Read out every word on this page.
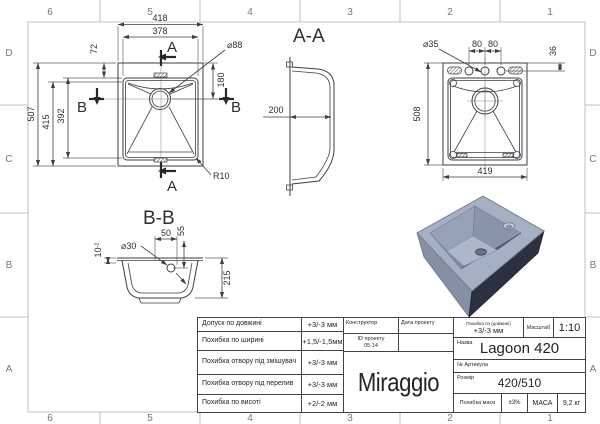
6	5	4	3	2	1
6	5	4	3	2	1
D
C
B
A
D
C
B
A
A
A
B	B
418
378
72
507
415 392
⌀88
180
R10
A-A
200
⌀35	80 80
36
508
419
B-B
⌀30
50 55
$10^{-2}$
215
Допуск по довжині	+3/-3 мм
Похибка по ширині	+1,5/-1,5мм
Похибка отвору під змішувач	+3/-3 мм
Похибка отвору під перелив	+3/-3 мм
Похибка по висоті	+2/-2 мм
Конструктор	Дата проекту
ID проекту
05.14
Miraggio
Похибка по (довжині)
+3/-3 мм	Масштаб 1:10
Назва Lagoon 420
№ Артикула
Розмір	420/510
Похибка маси	±3%	МАСА	9,2 кг
